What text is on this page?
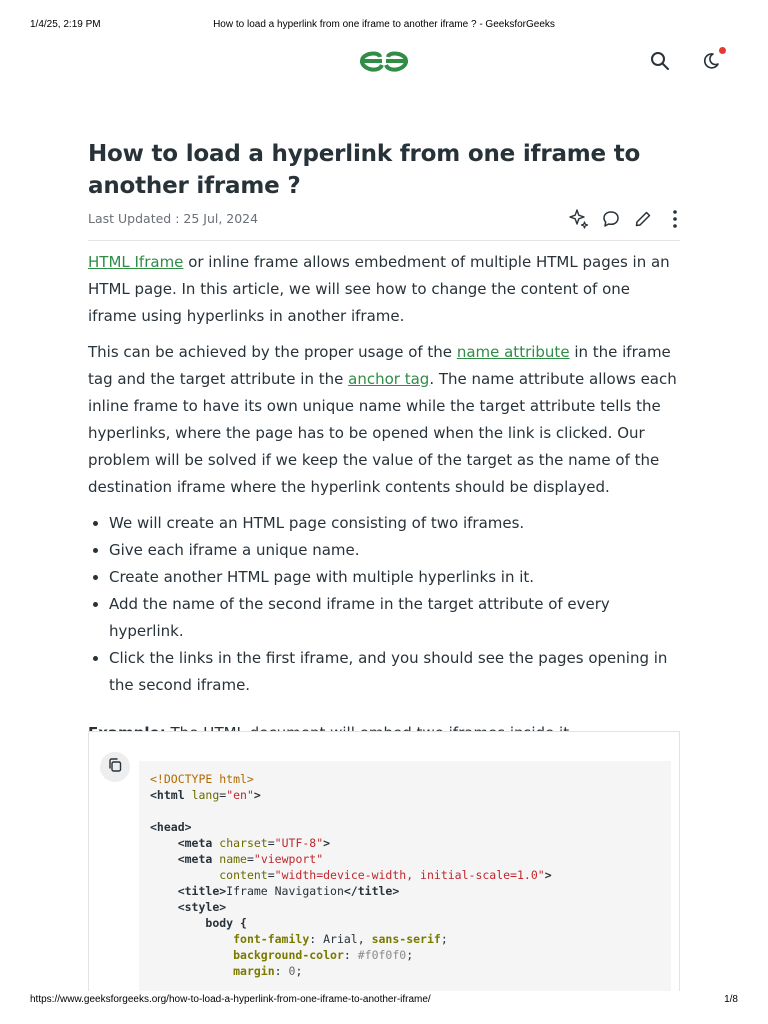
1/4/25, 2:19 PM	How to load a hyperlink from one iframe to another iframe ? - GeeksforGeeks
How to load a hyperlink from one iframe to another iframe ?
Last Updated : 25 Jul, 2024

HTML Iframe or inline frame allows embedment of multiple HTML pages in an HTML page. In this article, we will see how to change the content of one iframe using hyperlinks in another iframe.

This can be achieved by the proper usage of the name attribute in the iframe tag and the target attribute in the anchor tag. The name attribute allows each inline frame to have its own unique name while the target attribute tells the hyperlinks, where the page has to be opened when the link is clicked. Our problem will be solved if we keep the value of the target as the name of the destination iframe where the hyperlink contents should be displayed.

• We will create an HTML page consisting of two iframes.
• Give each iframe a unique name.
• Create another HTML page with multiple hyperlinks in it.
• Add the name of the second iframe in the target attribute of every hyperlink.
• Click the links in the first iframe, and you should see the pages opening in the second iframe.

<!DOCTYPE html>
<html lang="en">

<head>
<meta charset="UTF-8">
<meta name="viewport"
content="width=device-width, initial-scale=1.0">
<title>Iframe Navigation</title>
<style>
body {
font-family: Arial, sans-serif;
background-color: #f0f0f0;
margin: 0;
https://www.geeksforgeeks.org/how-to-load-a-hyperlink-from-one-iframe-to-another-iframe/	1/8
